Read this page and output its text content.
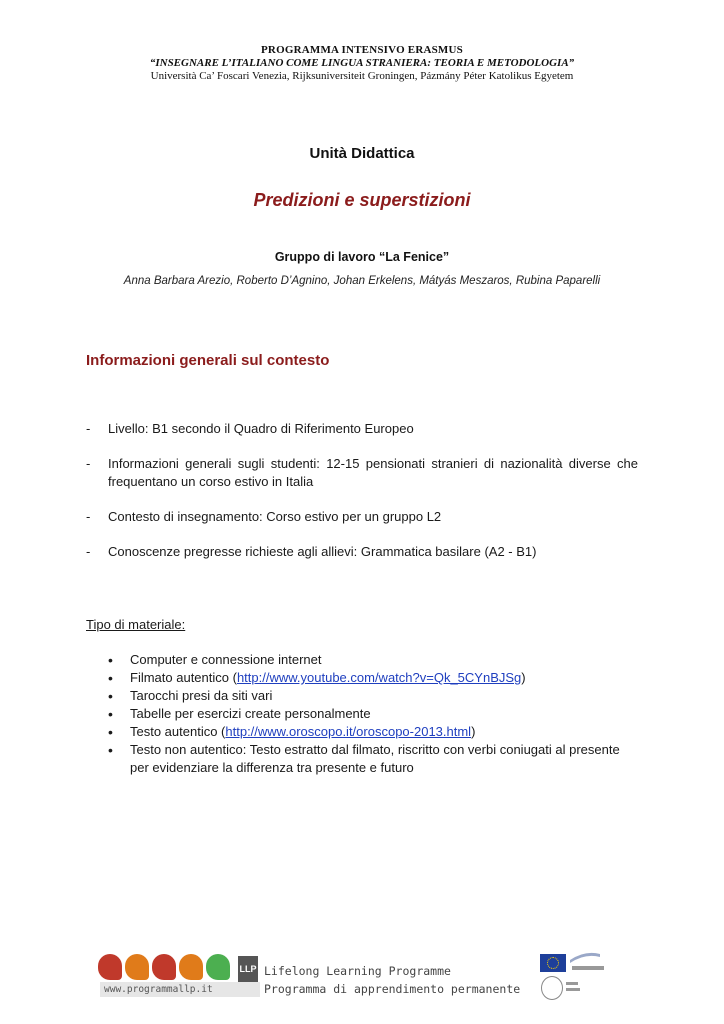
PROGRAMMA INTENSIVO ERASMUS
“INSEGNARE L’ITALIANO COME LINGUA STRANIERA: TEORIA E METODOLOGIA”
Università Ca’ Foscari Venezia, Rijksuniversiteit Groningen, Pázmány Péter Katolikus Egyetem
Unità Didattica
Predizioni e superstizioni
Gruppo di lavoro “La Fenice”
Anna Barbara Arezio, Roberto D’Agnino, Johan Erkelens, Mátyás Meszaros, Rubina Paparelli
Informazioni generali sul contesto
- Livello: B1 secondo il Quadro di Riferimento Europeo
- Informazioni generali sugli studenti: 12-15 pensionati stranieri di nazionalità diverse che frequentano un corso estivo in Italia
- Contesto di insegnamento: Corso estivo per un gruppo L2
- Conoscenze pregresse richieste agli allievi: Grammatica basilare (A2 - B1)
Tipo di materiale:
• Computer e connessione internet
• Filmato autentico (http://www.youtube.com/watch?v=Qk_5CYnBJSg)
• Tarocchi presi da siti vari
• Tabelle per esercizi create personalmente
• Testo autentico (http://www.oroscopo.it/oroscopo-2013.html)
• Testo non autentico: Testo estratto dal filmato, riscritto con verbi coniugati al presente per evidenziare la differenza tra presente e futuro
LLP
www.programmallp.it
Lifelong Learning Programme
Programma di apprendimento permanente
